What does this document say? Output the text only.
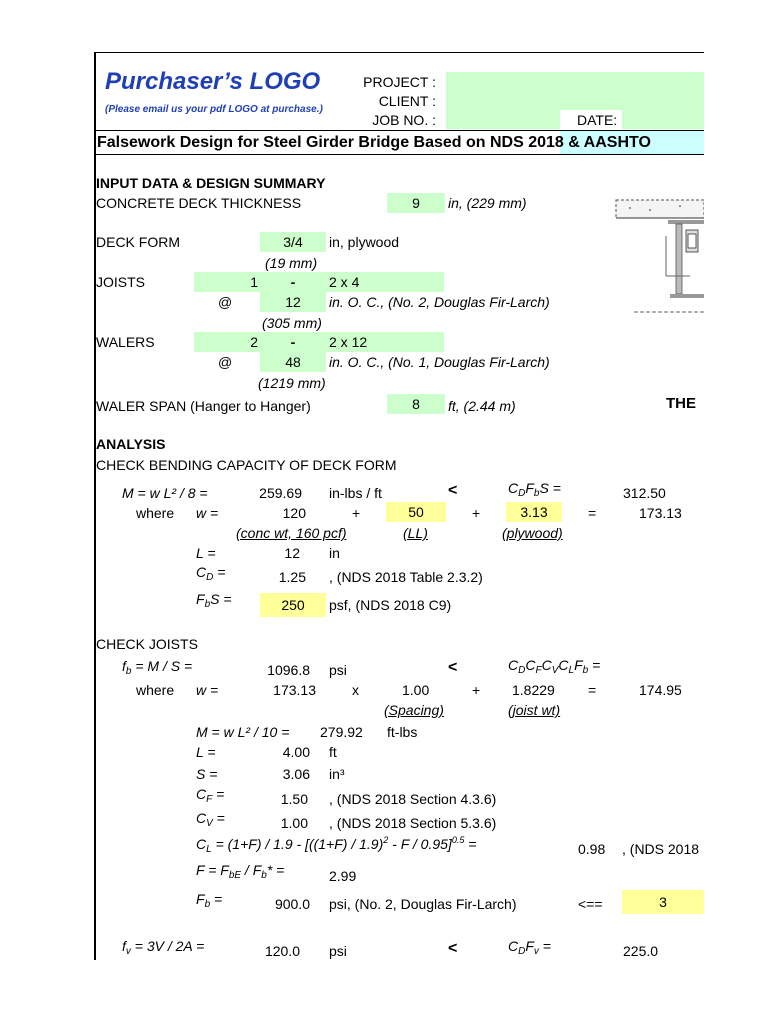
Purchaser’s LOGO
(Please email us your pdf LOGO at purchase.)
PROJECT :
CLIENT :
JOB NO. :	DATE:
Falsework Design for Steel Girder Bridge Based on NDS 2018 & AASHTO
INPUT DATA & DESIGN SUMMARY
CONCRETE DECK THICKNESS	9	in, (229 mm)
DECK FORM	3/4	in, plywood
(19 mm)
JOISTS	1	-	2 x 4
@	12	in. O. C., (No. 2, Douglas Fir-Larch)
(305 mm)
WALERS	2	-	2 x 12
@	48	in. O. C., (No. 1, Douglas Fir-Larch)
(1219 mm)
WALER SPAN (Hanger to Hanger)	8	ft, (2.44 m)	THE
ANALYSIS
CHECK BENDING CAPACITY OF DECK FORM
M = w L² / 8 =	259.69 in-lbs / ft	<	$C_DF_bS$ =	312.50
where w =	120	+	50	+	3.13	=	173.13
(conc wt, 160 pcf)	(LL)	(plywood)
L =	12 in
$C_D$ =	1.25 , (NDS 2018 Table 2.3.2)
$F_bS$ =	250	psf, (NDS 2018 C9)
CHECK JOISTS
$f_b = M / S$ =	1096.8 psi	<	$C_DC_FC_VC_LF_b$ =
where w =	173.13	x	1.00	+ 1.8229 =	174.95
(Spacing)	(joist wt)
M = w L² / 10 = 279.92 ft-lbs
L =	4.00 ft
S =	3.06 in³
$C_F$ =	1.50 , (NDS 2018 Section 4.3.6)
$C_V$ =	1.00 , (NDS 2018 Section 5.3.6)
$C_L = (1+F) / 1.9 - [((1+F) / 1.9)^2 - F / 0.95]^{0.5}$ =	0.98 , (NDS 2018
$F = F_{bE} / F_b*$ =	2.99
$F_b$ =	900.0 psi, (No. 2, Douglas Fir-Larch)	<==	3
$f_v = 3V / 2A$ =	120.0 psi	<	$C_DF_v$ =	225.0
